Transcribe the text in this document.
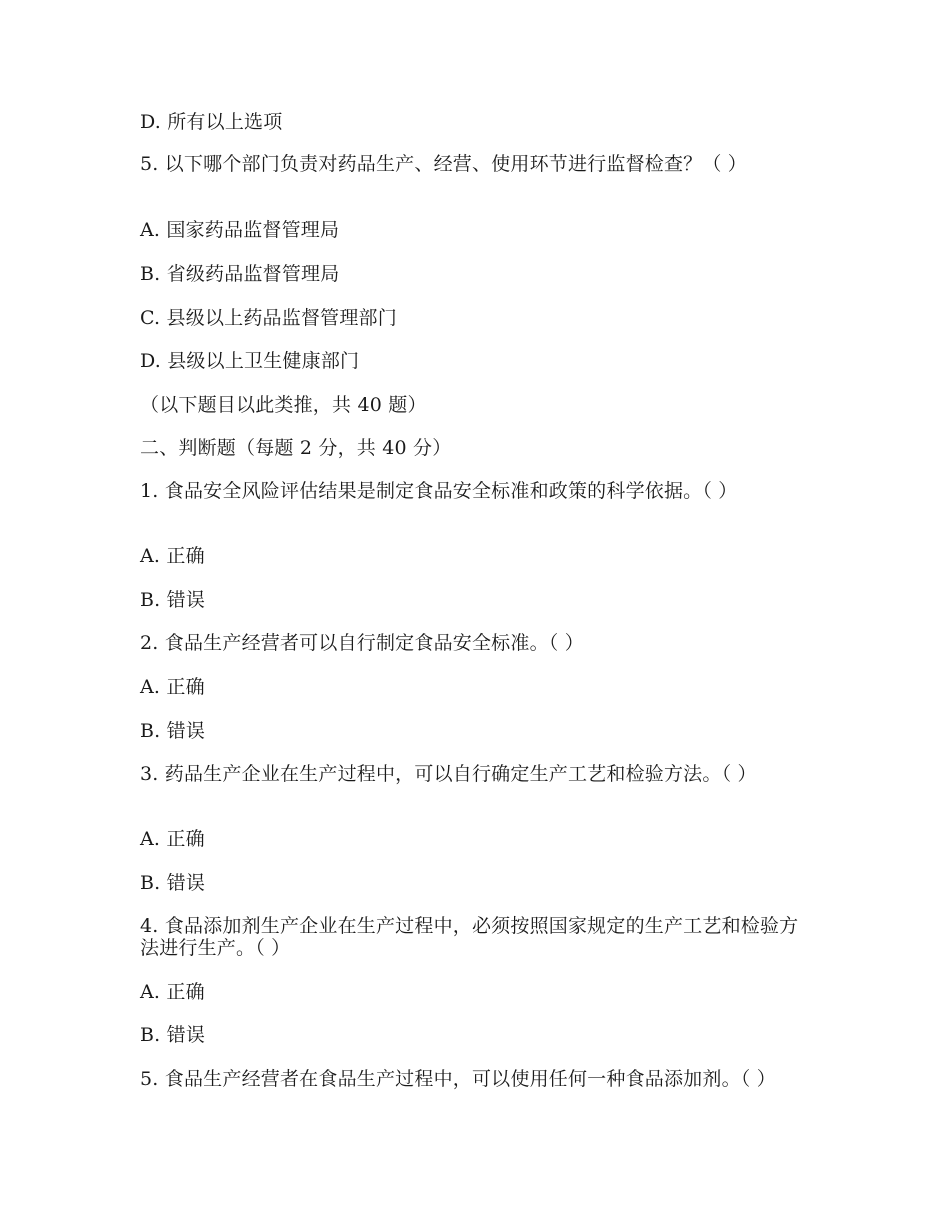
D. 所有以上选项
5. 以下哪个部门负责对药品生产、经营、使用环节进行监督检查？（ ）
A. 国家药品监督管理局
B. 省级药品监督管理局
C. 县级以上药品监督管理部门
D. 县级以上卫生健康部门
（以下题目以此类推，共 40 题）
二、判断题（每题 2 分，共 40 分）
1. 食品安全风险评估结果是制定食品安全标准和政策的科学依据。（ ）
A. 正确
B. 错误
2. 食品生产经营者可以自行制定食品安全标准。（ ）
A. 正确
B. 错误
3. 药品生产企业在生产过程中，可以自行确定生产工艺和检验方法。（ ）
A. 正确
B. 错误
4. 食品添加剂生产企业在生产过程中，必须按照国家规定的生产工艺和检验方法进行生产。（ ）
A. 正确
B. 错误
5. 食品生产经营者在食品生产过程中，可以使用任何一种食品添加剂。（ ）
